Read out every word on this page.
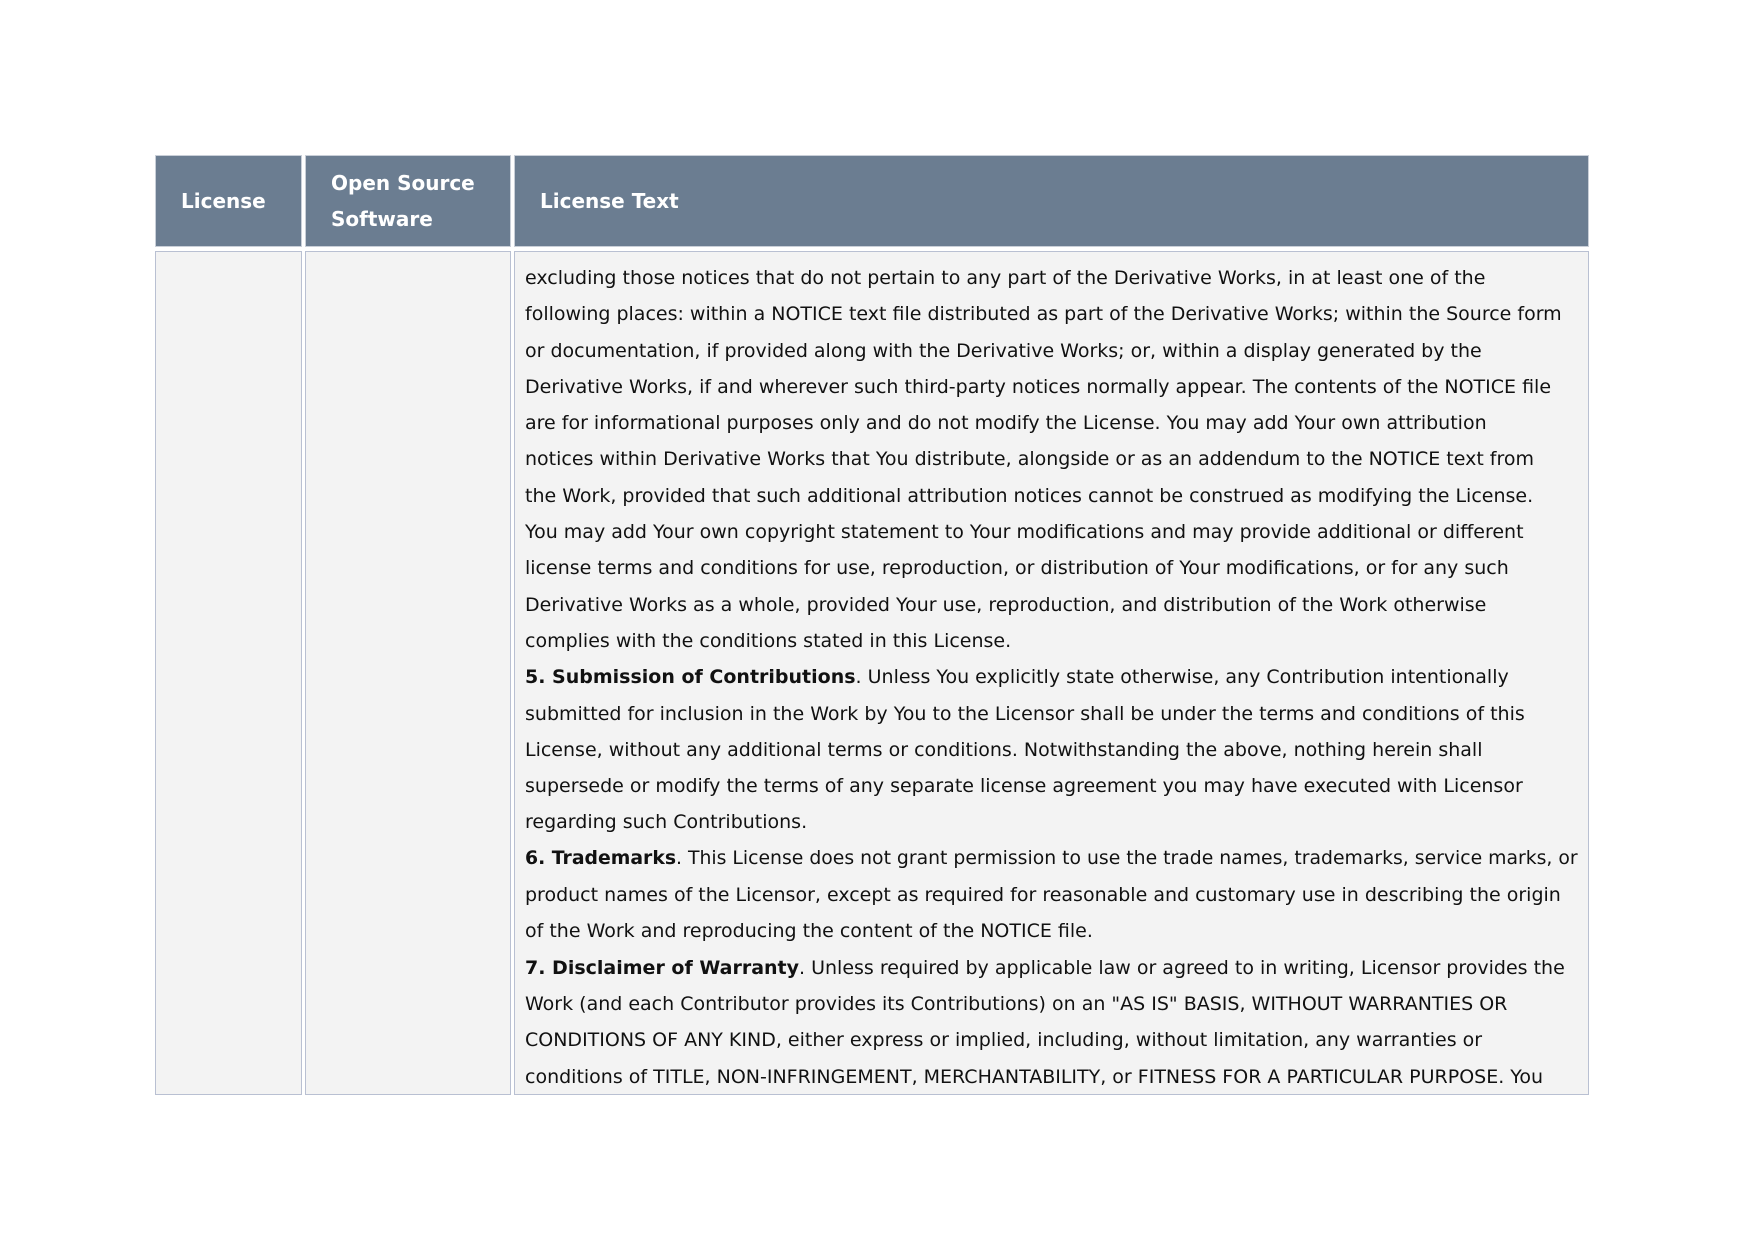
License
Open Source
Software
License Text
excluding those notices that do not pertain to any part of the Derivative Works, in at least one of the
following places: within a NOTICE text file distributed as part of the Derivative Works; within the Source form
or documentation, if provided along with the Derivative Works; or, within a display generated by the
Derivative Works, if and wherever such third-party notices normally appear. The contents of the NOTICE file
are for informational purposes only and do not modify the License. You may add Your own attribution
notices within Derivative Works that You distribute, alongside or as an addendum to the NOTICE text from
the Work, provided that such additional attribution notices cannot be construed as modifying the License.
You may add Your own copyright statement to Your modifications and may provide additional or different
license terms and conditions for use, reproduction, or distribution of Your modifications, or for any such
Derivative Works as a whole, provided Your use, reproduction, and distribution of the Work otherwise
complies with the conditions stated in this License.
5. Submission of Contributions. Unless You explicitly state otherwise, any Contribution intentionally
submitted for inclusion in the Work by You to the Licensor shall be under the terms and conditions of this
License, without any additional terms or conditions. Notwithstanding the above, nothing herein shall
supersede or modify the terms of any separate license agreement you may have executed with Licensor
regarding such Contributions.
6. Trademarks. This License does not grant permission to use the trade names, trademarks, service marks, or
product names of the Licensor, except as required for reasonable and customary use in describing the origin
of the Work and reproducing the content of the NOTICE file.
7. Disclaimer of Warranty. Unless required by applicable law or agreed to in writing, Licensor provides the
Work (and each Contributor provides its Contributions) on an "AS IS" BASIS, WITHOUT WARRANTIES OR
CONDITIONS OF ANY KIND, either express or implied, including, without limitation, any warranties or
conditions of TITLE, NON-INFRINGEMENT, MERCHANTABILITY, or FITNESS FOR A PARTICULAR PURPOSE. You
